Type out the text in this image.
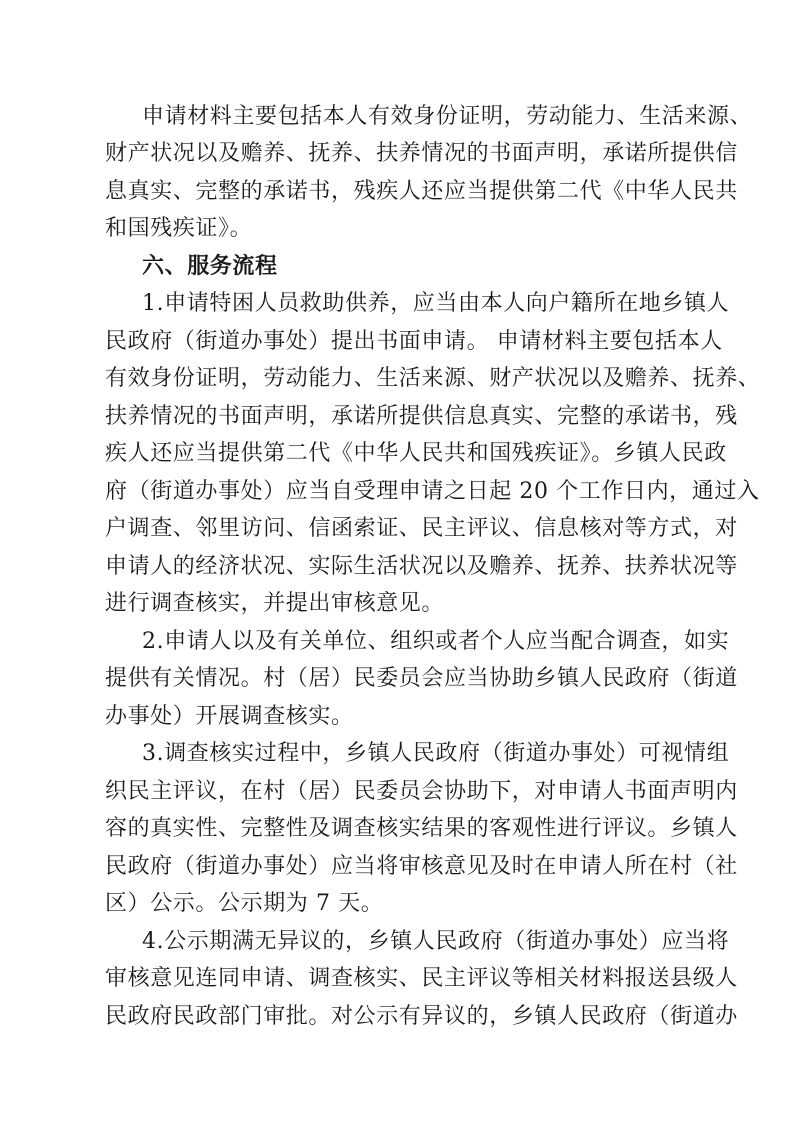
申请材料主要包括本人有效身份证明，劳动能力、生活来源、
财产状况以及赡养、抚养、扶养情况的书面声明，承诺所提供信
息真实、完整的承诺书，残疾人还应当提供第二代《中华人民共
和国残疾证》。
六、服务流程
1.申请特困人员救助供养，应当由本人向户籍所在地乡镇人
民政府（街道办事处）提出书面申请。 申请材料主要包括本人
有效身份证明，劳动能力、生活来源、财产状况以及赡养、抚养、
扶养情况的书面声明，承诺所提供信息真实、完整的承诺书，残
疾人还应当提供第二代《中华人民共和国残疾证》。乡镇人民政
府（街道办事处）应当自受理申请之日起 20 个工作日内，通过入
户调查、邻里访问、信函索证、民主评议、信息核对等方式，对
申请人的经济状况、实际生活状况以及赡养、抚养、扶养状况等
进行调查核实，并提出审核意见。
2.申请人以及有关单位、组织或者个人应当配合调查，如实
提供有关情况。村（居）民委员会应当协助乡镇人民政府（街道
办事处）开展调查核实。
3.调查核实过程中，乡镇人民政府（街道办事处）可视情组
织民主评议，在村（居）民委员会协助下，对申请人书面声明内
容的真实性、完整性及调查核实结果的客观性进行评议。乡镇人
民政府（街道办事处）应当将审核意见及时在申请人所在村（社
区）公示。公示期为 7 天。
4.公示期满无异议的，乡镇人民政府（街道办事处）应当将
审核意见连同申请、调查核实、民主评议等相关材料报送县级人
民政府民政部门审批。对公示有异议的，乡镇人民政府（街道办
